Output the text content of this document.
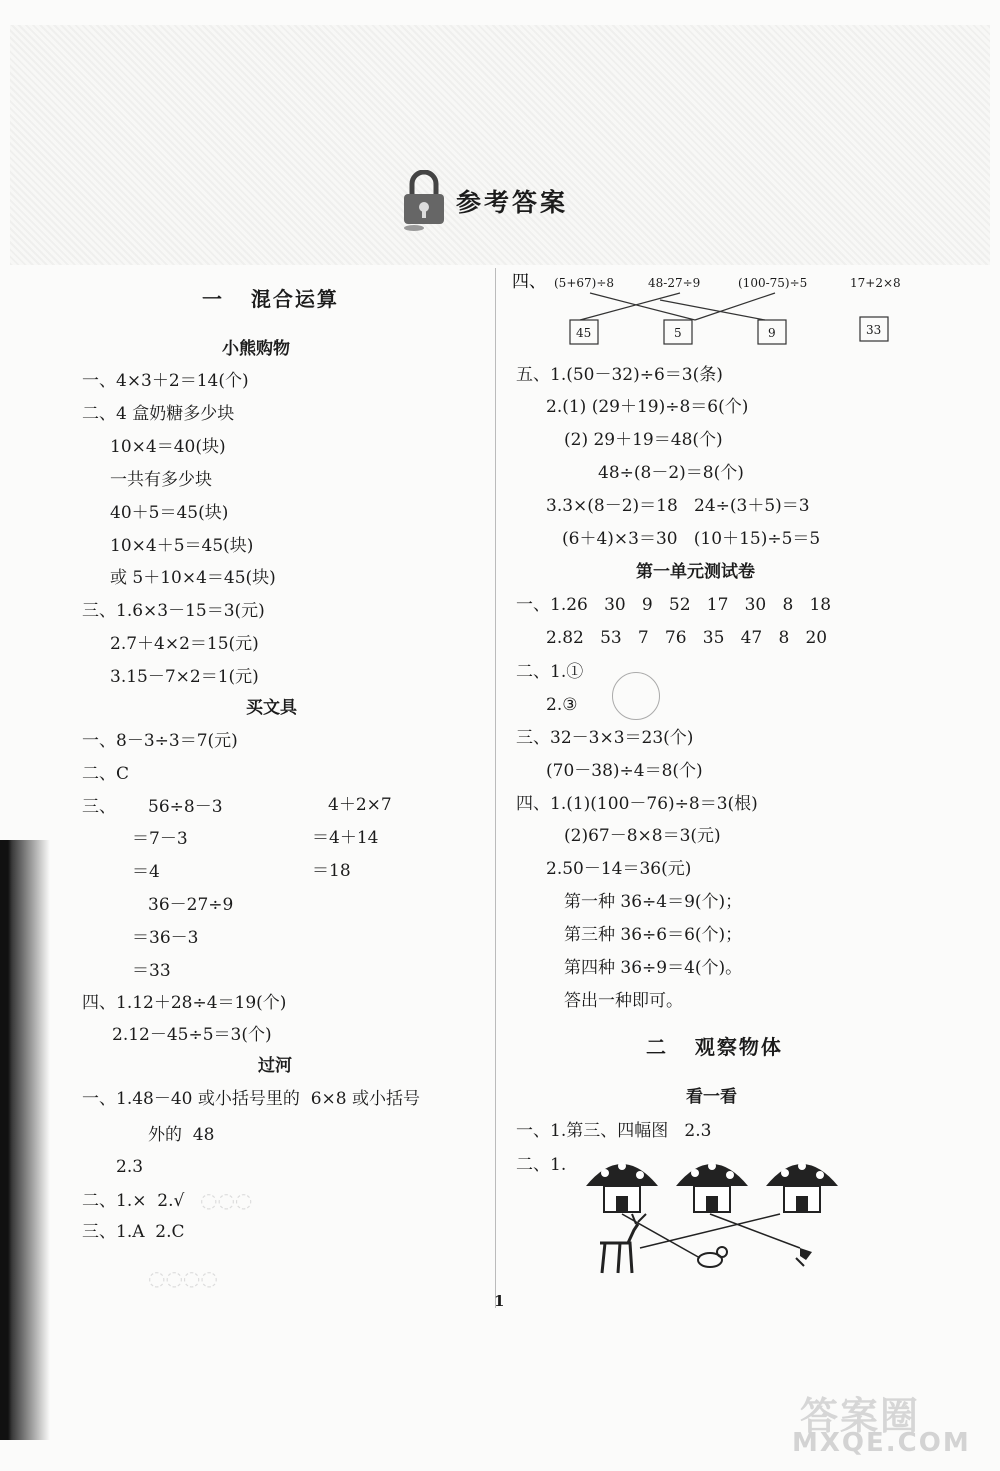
参考答案
一   混合运算
小熊购物
一、4×3＋2＝14(个)
二、4 盒奶糖多少块
10×4＝40(块)
一共有多少块
40＋5＝45(块)
10×4＋5＝45(块)
或 5＋10×4＝45(块)
三、1.6×3－15＝3(元)
2.7＋4×2＝15(元)
3.15－7×2＝1(元)
买文具
一、8－3÷3＝7(元)
二、C
三、 56÷8－3	4＋2×7
＝7－3	＝4＋14
＝4	＝18
36－27÷9
＝36－3
＝33
四、1.12＋28÷4＝19(个)
2.12－45÷5＝3(个)
过河
一、1.48－40 或小括号里的  6×8 或小括号
外的  48
2.3
二、1.×  2.√
三、1.A  2.C
◌◌◌
◌◌◌◌
四、 (5+67)÷8	48-27÷9	(100-75)÷5	17+2×8
45	5	9	33
五、1.(50－32)÷6＝3(条)
2.(1) (29＋19)÷8＝6(个)
(2) 29＋19＝48(个)
48÷(8－2)＝8(个)
3.3×(8－2)＝18   24÷(3＋5)＝3
(6＋4)×3＝30   (10＋15)÷5＝5
第一单元测试卷
一、1.26   30   9   52   17   30   8   18
2.82   53   7   76   35   47   8   20
二、1.①
2.③
三、32－3×3＝23(个)
(70－38)÷4＝8(个)
四、1.(1)(100－76)÷8＝3(根)
(2)67－8×8＝3(元)
2.50－14＝36(元)
第一种 36÷4＝9(个)；
第三种 36÷6＝6(个)；
第四种 36÷9＝4(个)。
答出一种即可。
二   观察物体
看一看
一、1.第三、四幅图   2.3
二、1.
1
答案圈
MXQE.COM
